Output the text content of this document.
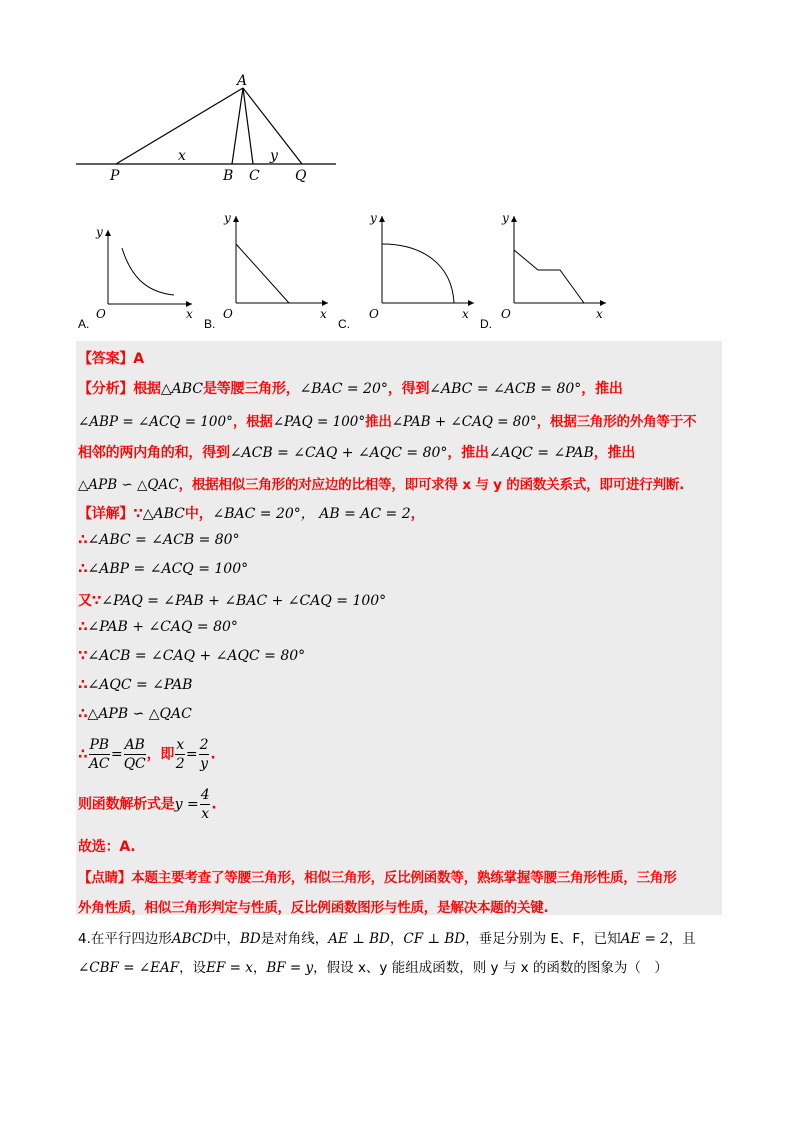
A
P	B C	Q
x	y
y
x
O
A.
y
x
O
B.
y
x
O
C.
y
x
O
D.
【答案】A
【分析】根据△ABC是等腰三角形，∠BAC = 20°，得到∠ABC = ∠ACB = 80°，推出
∠ABP = ∠ACQ = 100°，根据∠PAQ = 100°推出∠PAB + ∠CAQ = 80°，根据三角形的外角等于不
相邻的两内角的和，得到∠ACB = ∠CAQ + ∠AQC = 80°，推出∠AQC = ∠PAB，推出
△APB ∽ △QAC，根据相似三角形的对应边的比相等，即可求得 x 与 y 的函数关系式，即可进行判断.
【详解】∵△ABC中，∠BAC = 20°， AB = AC = 2，
∴∠ABC = ∠ACB = 80°
∴∠ABP = ∠ACQ = 100°
又∵∠PAQ = ∠PAB + ∠BAC + ∠CAQ = 100°
∴∠PAB + ∠CAQ = 80°
∵∠ACB = ∠CAQ + ∠AQC = 80°
∴∠AQC = ∠PAB
∴△APB ∽ △QAC
∴ $\frac{PB}{AC} = \frac{AB}{QC}$ ，即 $\frac{x}{2} = \frac{2}{y}$ .
则函数解析式是$y = \frac{4}{x}$ .
故选：A.
【点睛】本题主要考查了等腰三角形，相似三角形，反比例函数等，熟练掌握等腰三角形性质，三角形
外角性质，相似三角形判定与性质，反比例函数图形与性质，是解决本题的关键.
4.在平行四边形ABCD中，BD是对角线，AE ⊥ BD，CF ⊥ BD，垂足分别为 E、F，已知AE = 2，且
∠CBF = ∠EAF，设EF = x，BF = y，假设 x、y 能组成函数，则 y 与 x 的函数的图象为（　）
